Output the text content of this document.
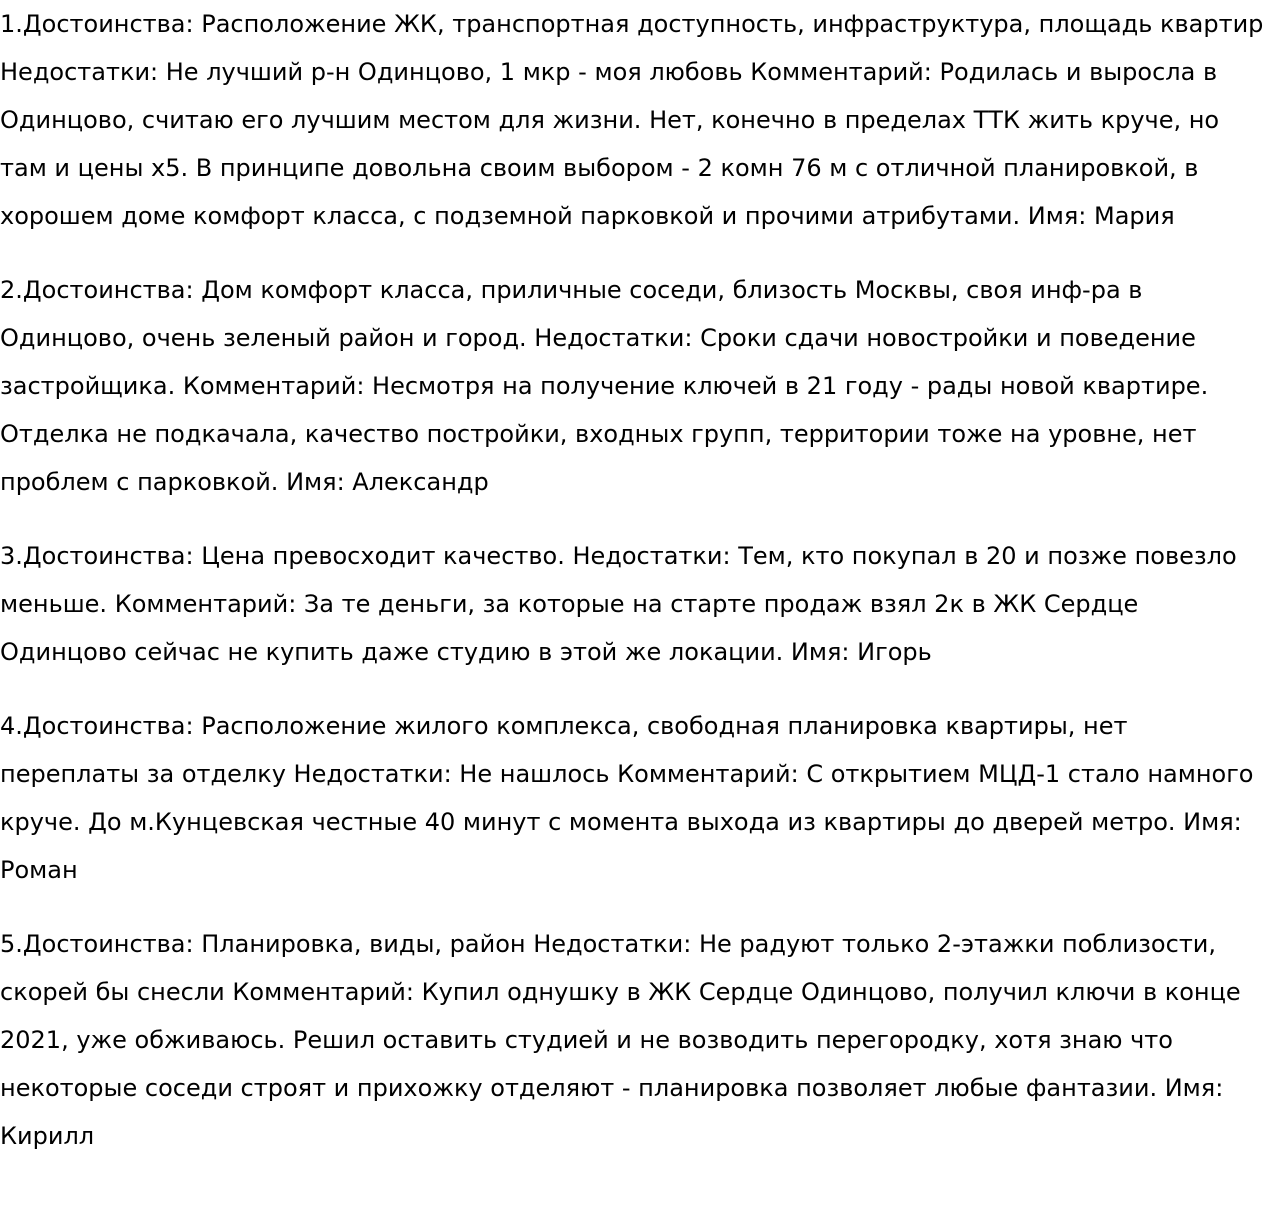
1.Достоинства: Расположение ЖК, транспортная доступность, инфраструктура, площадь квартир Недостатки: Не лучший р-н Одинцово, 1 мкр - моя любовь Комментарий: Родилась и выросла в Одинцово, считаю его лучшим местом для жизни. Нет, конечно в пределах ТТК жить круче, но там и цены х5. В принципе довольна своим выбором - 2 комн 76 м с отличной планировкой, в хорошем доме комфорт класса, с подземной парковкой и прочими атрибутами. Имя: Мария

2.Достоинства: Дом комфорт класса, приличные соседи, близость Москвы, своя инф-ра в Одинцово, очень зеленый район и город. Недостатки: Сроки сдачи новостройки и поведение застройщика. Комментарий: Несмотря на получение ключей в 21 году - рады новой квартире. Отделка не подкачала, качество постройки, входных групп, территории тоже на уровне, нет проблем с парковкой. Имя: Александр

3.Достоинства: Цена превосходит качество. Недостатки: Тем, кто покупал в 20 и позже повезло меньше. Комментарий: За те деньги, за которые на старте продаж взял 2к в ЖК Сердце Одинцово сейчас не купить даже студию в этой же локации. Имя: Игорь

4.Достоинства: Расположение жилого комплекса, свободная планировка квартиры, нет переплаты за отделку Недостатки: Не нашлось Комментарий: С открытием МЦД-1 стало намного круче. До м.Кунцевская честные 40 минут с момента выхода из квартиры до дверей метро. Имя: Роман

5.Достоинства: Планировка, виды, район Недостатки: Не радуют только 2-этажки поблизости, скорей бы снесли Комментарий: Купил однушку в ЖК Сердце Одинцово, получил ключи в конце 2021, уже обживаюсь. Решил оставить студией и не возводить перегородку, хотя знаю что некоторые соседи строят и прихожку отделяют - планировка позволяет любые фантазии. Имя: Кирилл
